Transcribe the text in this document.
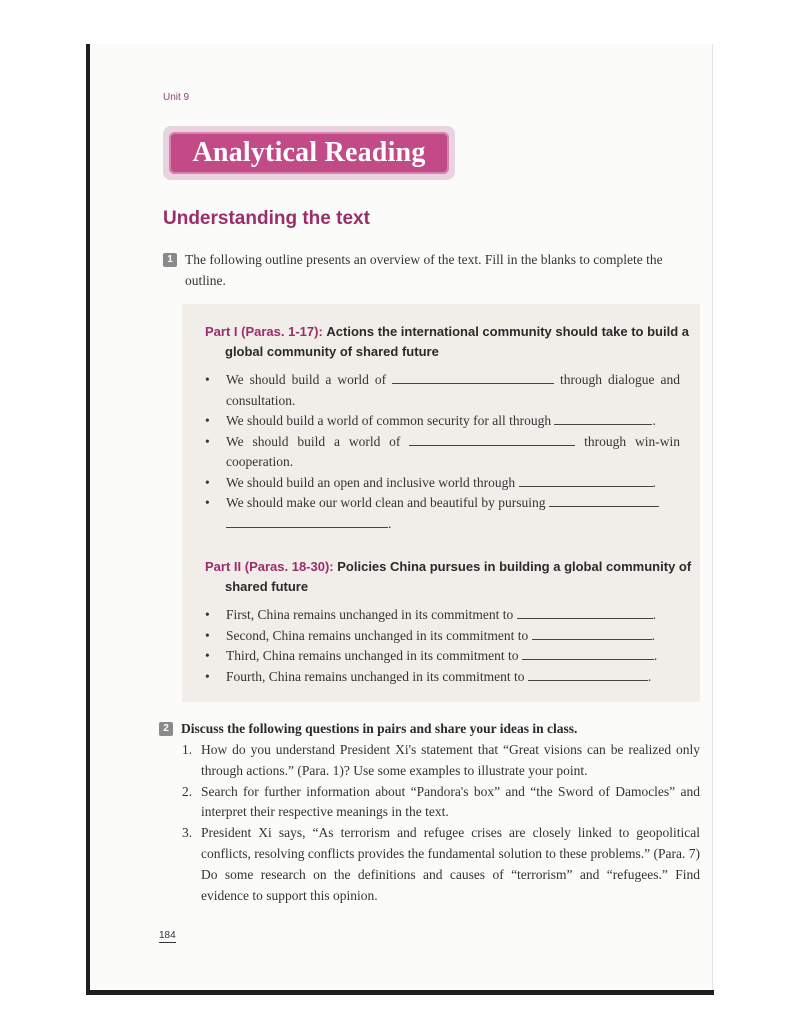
Unit 9
Analytical Reading
Understanding the text
1 The following outline presents an overview of the text. Fill in the blanks to complete the outline.
Part I (Paras. 1-17): Actions the international community should take to build a global community of shared future
• We should build a world of	through dialogue and consultation.
• We should build a world of common security for all through	.
• We should build a world of	through win-win cooperation.
• We should build an open and inclusive world through	.
• We should make our world clean and beautiful by pursuing
.
Part II (Paras. 18-30): Policies China pursues in building a global community of shared future
• First, China remains unchanged in its commitment to	.
• Second, China remains unchanged in its commitment to	.
• Third, China remains unchanged in its commitment to	.
• Fourth, China remains unchanged in its commitment to	.
2 Discuss the following questions in pairs and share your ideas in class.
1. How do you understand President Xi's statement that “Great visions can be realized only through actions.” (Para. 1)? Use some examples to illustrate your point.
2. Search for further information about “Pandora's box” and “the Sword of Damocles” and interpret their respective meanings in the text.
3. President Xi says, “As terrorism and refugee crises are closely linked to geopolitical conflicts, resolving conflicts provides the fundamental solution to these problems.” (Para. 7) Do some research on the definitions and causes of “terrorism” and “refugees.” Find evidence to support this opinion.
184
